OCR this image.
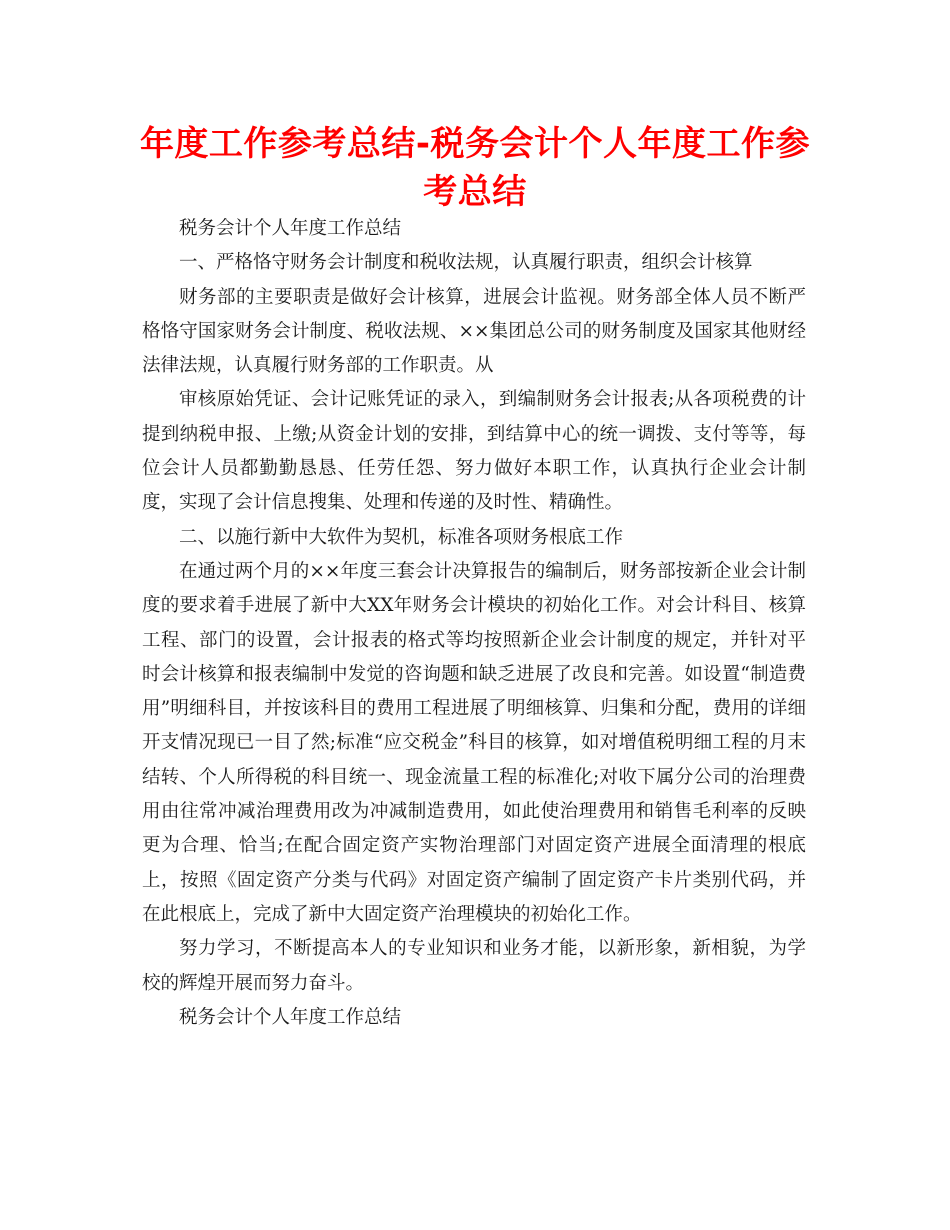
年度工作参考总结-税务会计个人年度工作参考总结

税务会计个人年度工作总结

一、严格恪守财务会计制度和税收法规，认真履行职责，组织会计核算

财务部的主要职责是做好会计核算，进展会计监视。财务部全体人员不断严格恪守国家财务会计制度、税收法规、××集团总公司的财务制度及国家其他财经法律法规，认真履行财务部的工作职责。从

审核原始凭证、会计记账凭证的录入，到编制财务会计报表;从各项税费的计提到纳税申报、上缴;从资金计划的安排，到结算中心的统一调拨、支付等等，每位会计人员都勤勤恳恳、任劳任怨、努力做好本职工作，认真执行企业会计制度，实现了会计信息搜集、处理和传递的及时性、精确性。

二、以施行新中大软件为契机，标准各项财务根底工作

在通过两个月的××年度三套会计决算报告的编制后，财务部按新企业会计制度的要求着手进展了新中大XX年财务会计模块的初始化工作。对会计科目、核算工程、部门的设置，会计报表的格式等均按照新企业会计制度的规定，并针对平时会计核算和报表编制中发觉的咨询题和缺乏进展了改良和完善。如设置“制造费用”明细科目，并按该科目的费用工程进展了明细核算、归集和分配，费用的详细开支情况现已一目了然;标准“应交税金”科目的核算，如对增值税明细工程的月末结转、个人所得税的科目统一、现金流量工程的标准化;对收下属分公司的治理费用由往常冲减治理费用改为冲减制造费用，如此使治理费用和销售毛利率的反映更为合理、恰当;在配合固定资产实物治理部门对固定资产进展全面清理的根底上，按照《固定资产分类与代码》对固定资产编制了固定资产卡片类别代码，并在此根底上，完成了新中大固定资产治理模块的初始化工作。

努力学习，不断提高本人的专业知识和业务才能，以新形象，新相貌，为学校的辉煌开展而努力奋斗。

税务会计个人年度工作总结
